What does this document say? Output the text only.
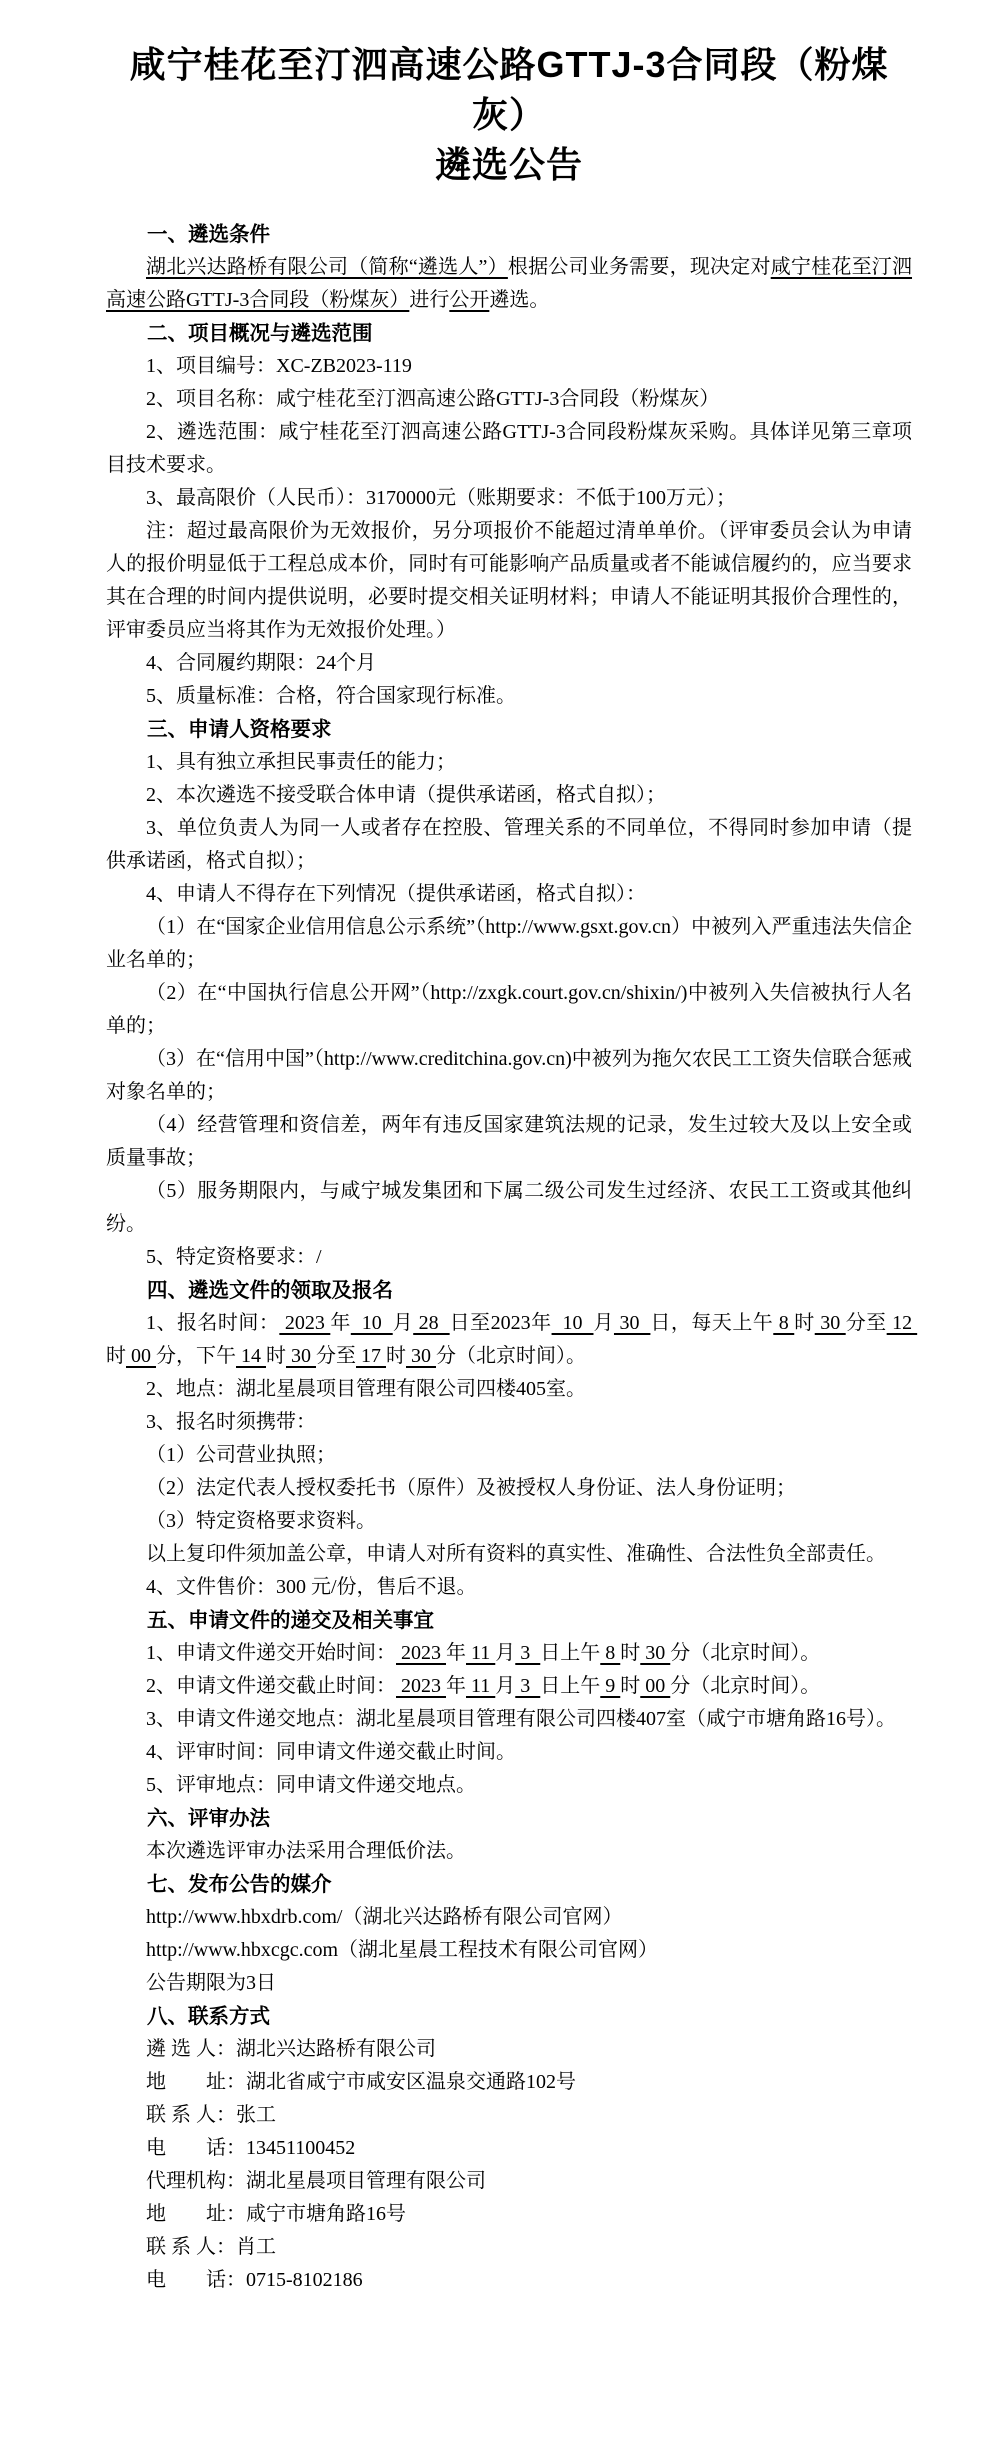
咸宁桂花至汀泗高速公路GTTJ-3合同段（粉煤灰）
遴选公告
一、遴选条件

湖北兴达路桥有限公司（简称“遴选人”）根据公司业务需要，现决定对咸宁桂花至汀泗高速公路GTTJ-3合同段（粉煤灰）进行公开遴选。

二、项目概况与遴选范围

1、项目编号：XC-ZB2023-119

2、项目名称：咸宁桂花至汀泗高速公路GTTJ-3合同段（粉煤灰）

2、遴选范围：咸宁桂花至汀泗高速公路GTTJ-3合同段粉煤灰采购。具体详见第三章项目技术要求。

3、最高限价（人民币）：3170000元（账期要求：不低于100万元）；

注：超过最高限价为无效报价，另分项报价不能超过清单单价。（评审委员会认为申请人的报价明显低于工程总成本价，同时有可能影响产品质量或者不能诚信履约的，应当要求其在合理的时间内提供说明，必要时提交相关证明材料；申请人不能证明其报价合理性的，评审委员应当将其作为无效报价处理。）

4、合同履约期限：24个月

5、质量标准：合格，符合国家现行标准。

三、申请人资格要求

1、具有独立承担民事责任的能力；

2、本次遴选不接受联合体申请（提供承诺函，格式自拟）；

3、单位负责人为同一人或者存在控股、管理关系的不同单位，不得同时参加申请（提供承诺函，格式自拟）；

4、申请人不得存在下列情况（提供承诺函，格式自拟）：

（1）在“国家企业信用信息公示系统”（http://www.gsxt.gov.cn）中被列入严重违法失信企业名单的；

（2）在“中国执行信息公开网”（http://zxgk.court.gov.cn/shixin/)中被列入失信被执行人名单的；

（3）在“信用中国”（http://www.creditchina.gov.cn)中被列为拖欠农民工工资失信联合惩戒对象名单的；

（4）经营管理和资信差，两年有违反国家建筑法规的记录，发生过较大及以上安全或质量事故；

（5）服务期限内，与咸宁城发集团和下属二级公司发生过经济、农民工工资或其他纠纷。

5、特定资格要求：/

四、遴选文件的领取及报名

1、报名时间： 2023 年  10  月 28  日至2023年  10  月 30  日，每天上午 8 时 30 分至 12 时 00 分，下午 14 时 30 分至 17 时 30 分（北京时间）。

2、地点：湖北星晨项目管理有限公司四楼405室。

3、报名时须携带：

（1）公司营业执照；

（2）法定代表人授权委托书（原件）及被授权人身份证、法人身份证明；

（3）特定资格要求资料。

以上复印件须加盖公章，申请人对所有资料的真实性、准确性、合法性负全部责任。

4、文件售价：300 元/份，售后不退。

五、申请文件的递交及相关事宜

1、申请文件递交开始时间： 2023 年 11 月 3  日上午 8 时 30 分（北京时间）。

2、申请文件递交截止时间： 2023 年 11 月 3  日上午 9 时 00 分（北京时间）。

3、申请文件递交地点：湖北星晨项目管理有限公司四楼407室（咸宁市塘角路16号）。

4、评审时间：同申请文件递交截止时间。

5、评审地点：同申请文件递交地点。

六、评审办法

本次遴选评审办法采用合理低价法。

七、发布公告的媒介

http://www.hbxdrb.com/（湖北兴达路桥有限公司官网）

http://www.hbxcgc.com（湖北星晨工程技术有限公司官网）

公告期限为3日

八、联系方式

遴 选 人：湖北兴达路桥有限公司

地　　址：湖北省咸宁市咸安区温泉交通路102号

联 系 人：张工

电　　话：13451100452

代理机构：湖北星晨项目管理有限公司

地　　址：咸宁市塘角路16号

联 系 人：肖工

电　　话：0715-8102186
